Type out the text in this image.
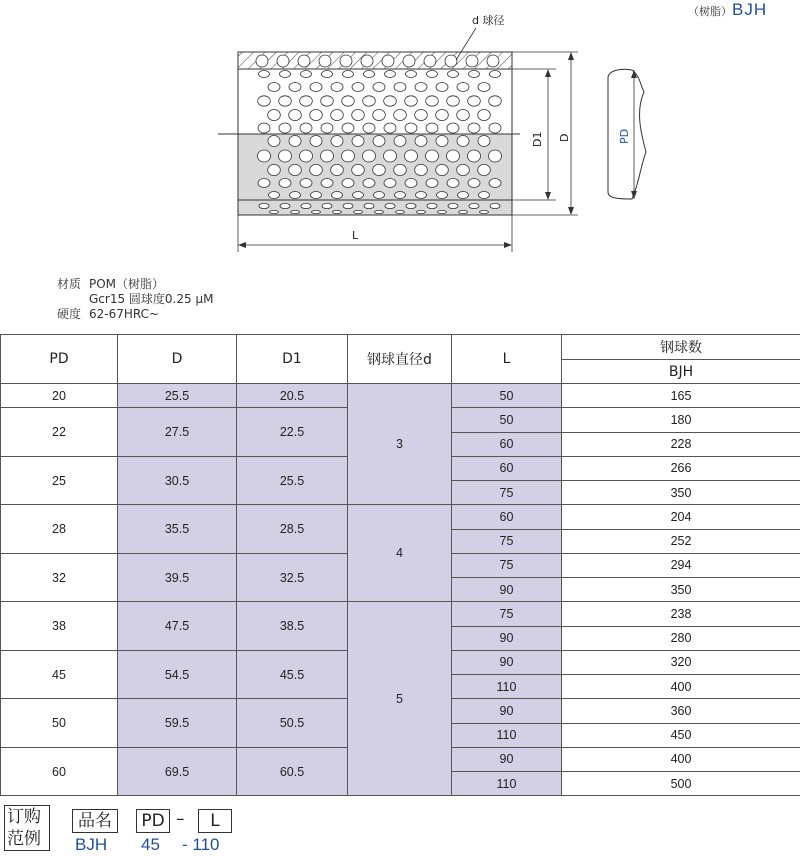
（树脂）BJH
d 球径
L
D1 D	PD
材质 POM（树脂）
Gcr15 圆球度0.25 μM
硬度 62-67HRC~
PD	D	D1	钢球直径d	L	钢球数
					BJH
20	25.5	20.5	3	50	165
22	27.5	22.5		50	180
				60	228
25	30.5	25.5		60	266
				75	350
28	35.5	28.5	4	60	204
				75	252
32	39.5	32.5		75	294
				90	350
38	47.5	38.5	5	75	238
				90	280
45	54.5	45.5		90	320
				110	400
50	59.5	50.5		90	360
				110	450
60	69.5	60.5		90	400
				110	500
订购
范例
品名	PD –	L
BJH 45 - 110
